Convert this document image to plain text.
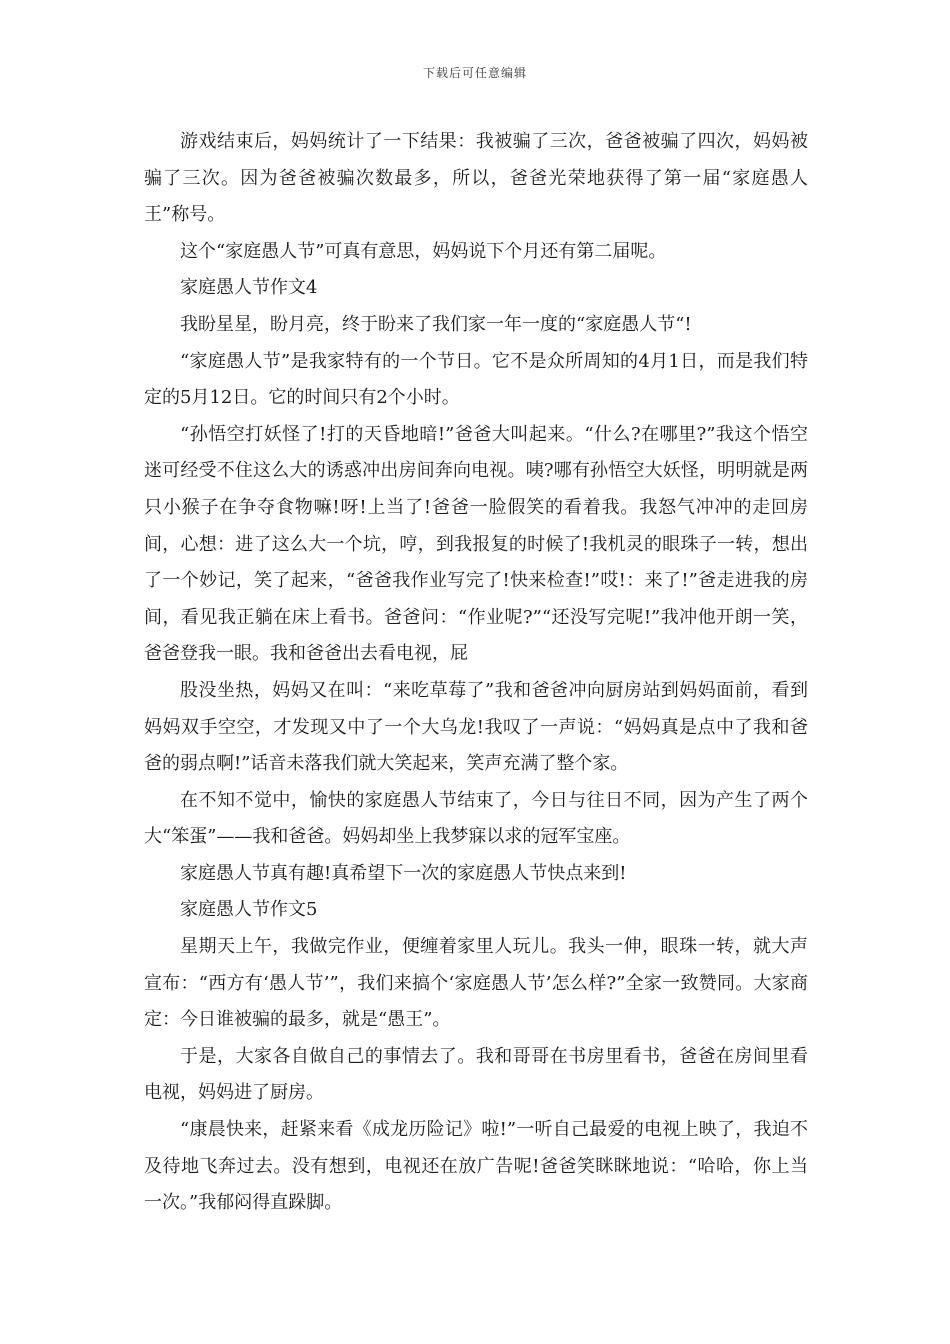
下载后可任意编辑

游戏结束后，妈妈统计了一下结果：我被骗了三次，爸爸被骗了四次，妈妈被骗了三次。因为爸爸被骗次数最多，所以，爸爸光荣地获得了第一届“家庭愚人王”称号。

这个“家庭愚人节”可真有意思，妈妈说下个月还有第二届呢。

家庭愚人节作文4

我盼星星，盼月亮，终于盼来了我们家一年一度的“家庭愚人节“!

“家庭愚人节”是我家特有的一个节日。它不是众所周知的4月1日，而是我们特定的5月12日。它的时间只有2个小时。

“孙悟空打妖怪了!打的天昏地暗!”爸爸大叫起来。“什么?在哪里?”我这个悟空迷可经受不住这么大的诱惑冲出房间奔向电视。咦?哪有孙悟空大妖怪，明明就是两只小猴子在争夺食物嘛!呀!上当了!爸爸一脸假笑的看着我。我怒气冲冲的走回房间，心想：进了这么大一个坑，哼，到我报复的时候了!我机灵的眼珠子一转，想出了一个妙记，笑了起来，“爸爸我作业写完了!快来检查!”哎!：来了!”爸走进我的房间，看见我正躺在床上看书。爸爸问：“作业呢?”“还没写完呢!”我冲他开朗一笑，爸爸登我一眼。我和爸爸出去看电视，屁

股没坐热，妈妈又在叫：“来吃草莓了”我和爸爸冲向厨房站到妈妈面前，看到妈妈双手空空，才发现又中了一个大乌龙!我叹了一声说：“妈妈真是点中了我和爸爸的弱点啊!”话音未落我们就大笑起来，笑声充满了整个家。

在不知不觉中，愉快的家庭愚人节结束了，今日与往日不同，因为产生了两个大“笨蛋”——我和爸爸。妈妈却坐上我梦寐以求的冠军宝座。

家庭愚人节真有趣!真希望下一次的家庭愚人节快点来到!

家庭愚人节作文5

星期天上午，我做完作业，便缠着家里人玩儿。我头一伸，眼珠一转，就大声宣布：“西方有‘愚人节’”，我们来搞个‘家庭愚人节’怎么样?”全家一致赞同。大家商定：今日谁被骗的最多，就是“愚王”。

于是，大家各自做自己的事情去了。我和哥哥在书房里看书，爸爸在房间里看电视，妈妈进了厨房。

“康晨快来，赶紧来看《成龙历险记》啦!”一听自己最爱的电视上映了，我迫不及待地飞奔过去。没有想到，电视还在放广告呢!爸爸笑眯眯地说：“哈哈，你上当一次。”我郁闷得直跺脚。
